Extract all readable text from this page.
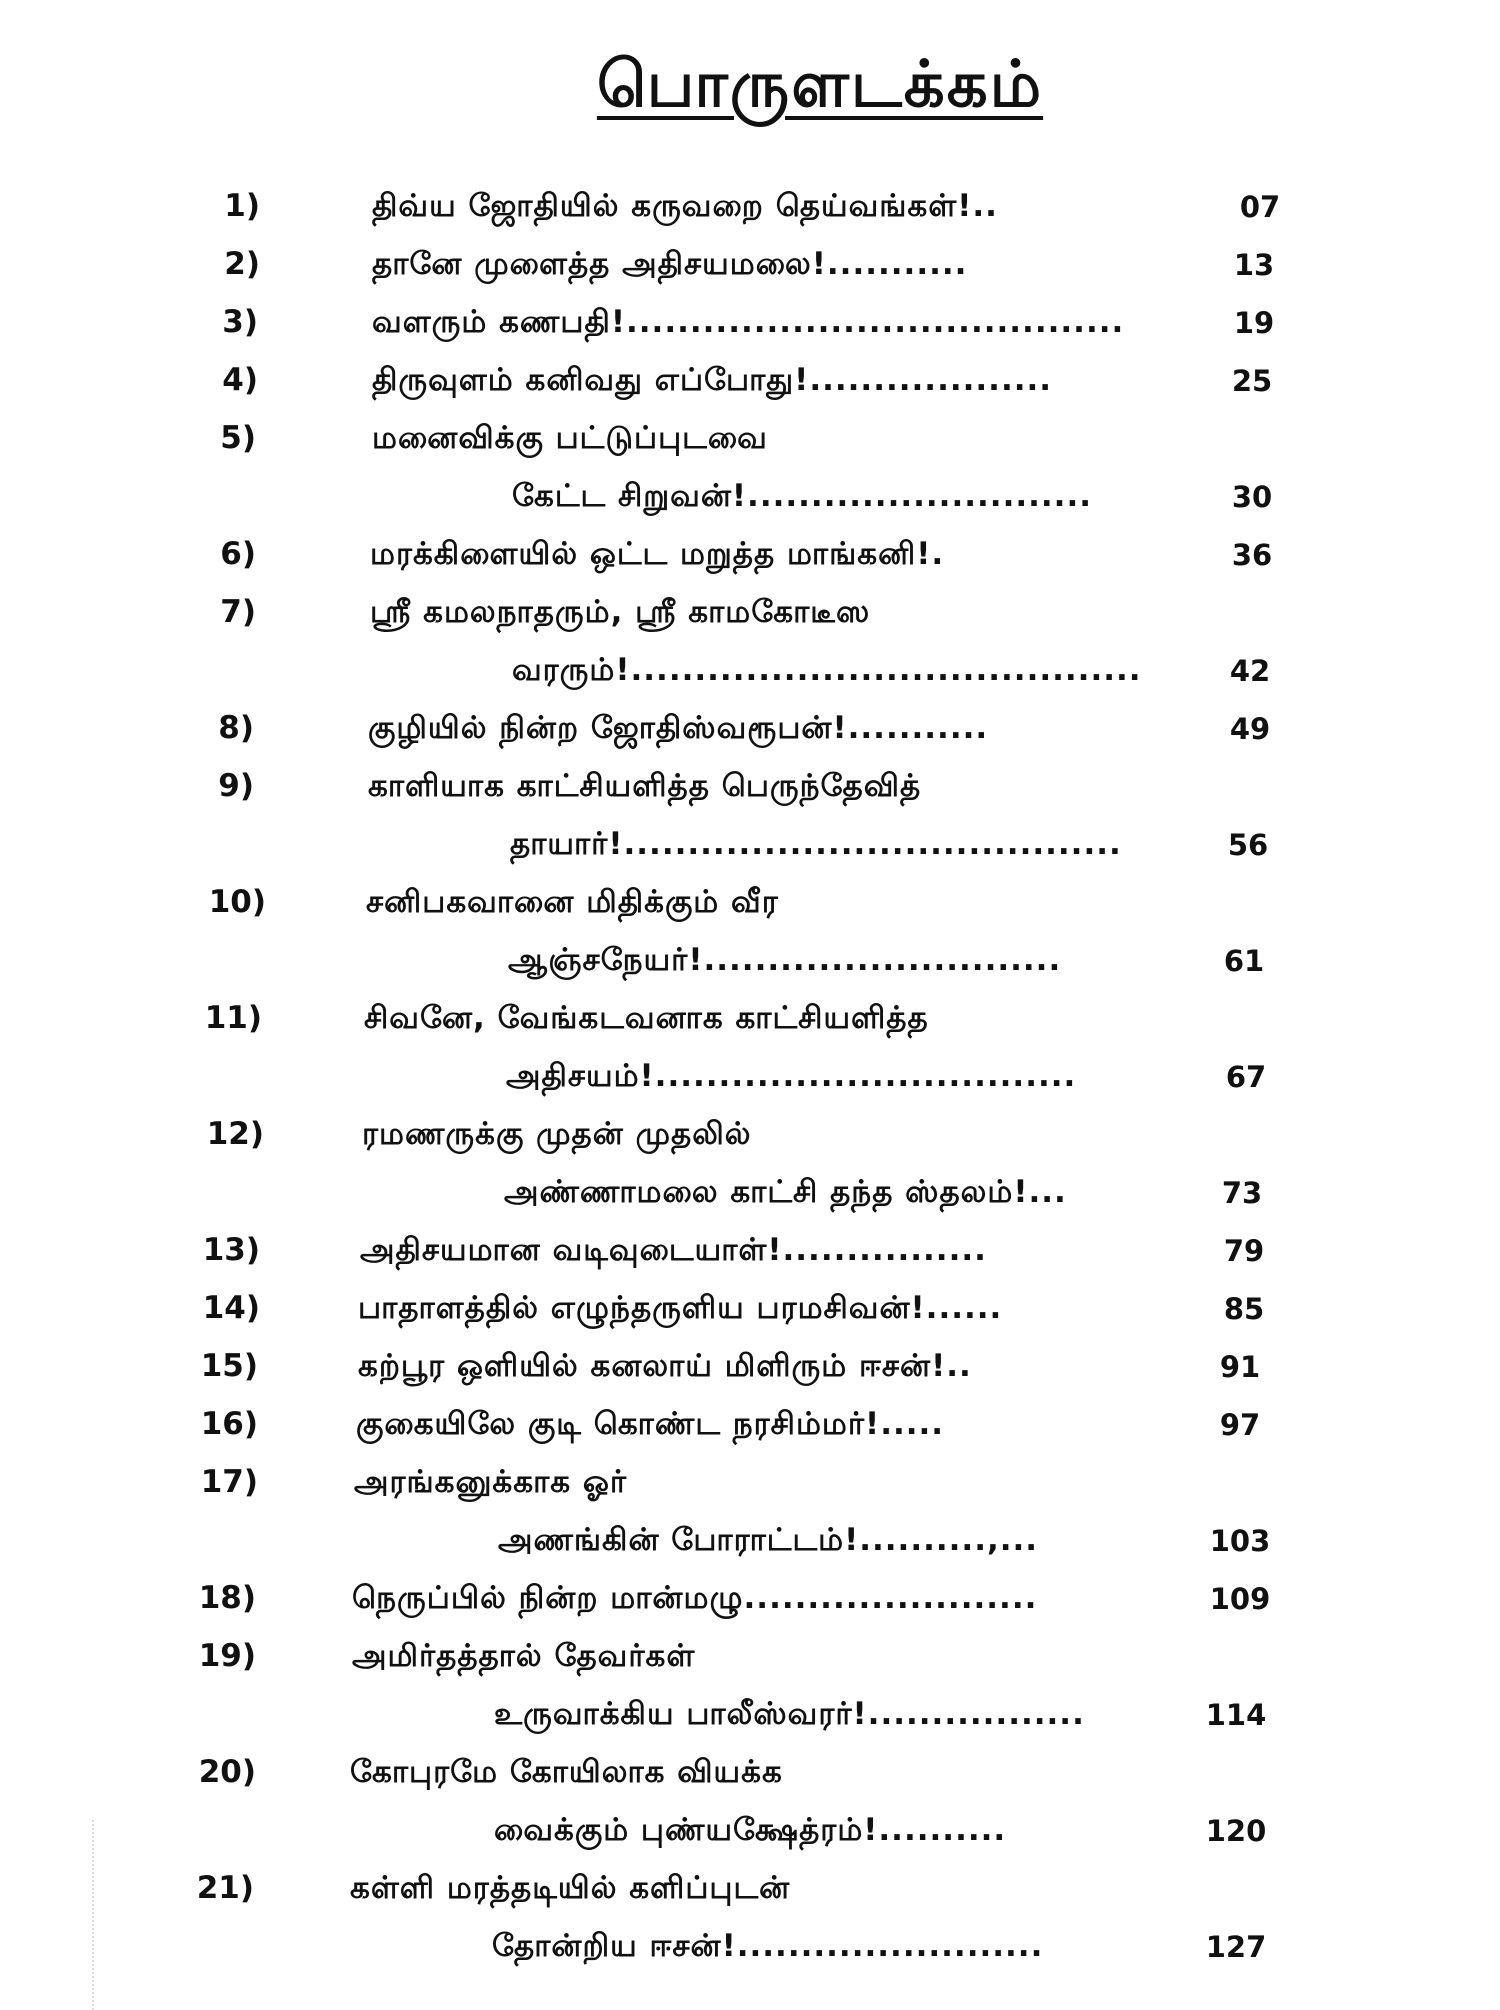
பொருளடக்கம்
1)	திவ்ய ஜோதியில் கருவறை தெய்வங்கள்!..	07
2)	தானே முளைத்த அதிசயமலை!...........	13
3)	வளரும் கணபதி!.......................................	19
4)	திருவுளம் கனிவது எப்போது!...................	25
5)	மனைவிக்கு பட்டுப்புடவை
கேட்ட சிறுவன்!...........................	30
6)	மரக்கிளையில் ஒட்ட மறுத்த மாங்கனி!.	36
7)	ஸ்ரீ கமலநாதரும், ஸ்ரீ காமகோடீஸ
வரரும்!........................................	42
8)	குழியில் நின்ற ஜோதிஸ்வரூபன்!...........	49
9)	காளியாக காட்சியளித்த பெருந்தேவித்
தாயார்!.......................................	56
10)	சனிபகவானை மிதிக்கும் வீர
ஆஞ்சநேயர்!............................	61
11)	சிவனே, வேங்கடவனாக காட்சியளித்த
அதிசயம்!.................................	67
12)	ரமணருக்கு முதன் முதலில்
அண்ணாமலை காட்சி தந்த ஸ்தலம்!...	73
13)	அதிசயமான வடிவுடையாள்!................	79
14)	பாதாளத்தில் எழுந்தருளிய பரமசிவன்!......	85
15)	கற்பூர ஒளியில் கனலாய் மிளிரும் ஈசன்!..	91
16)	குகையிலே குடி கொண்ட நரசிம்மர்!.....	97
17)	அரங்கனுக்காக ஓர்
அணங்கின் போராட்டம்!..........,...	103
18)	நெருப்பில் நின்ற மான்மழு.......................	109
19)	அமிர்தத்தால் தேவர்கள்
உருவாக்கிய பாலீஸ்வரர்!.................	114
20)	கோபுரமே கோயிலாக வியக்க
வைக்கும் புண்யக்ஷேத்ரம்!..........	120
21)	கள்ளி மரத்தடியில் களிப்புடன்
தோன்றிய ஈசன்!........................	127
